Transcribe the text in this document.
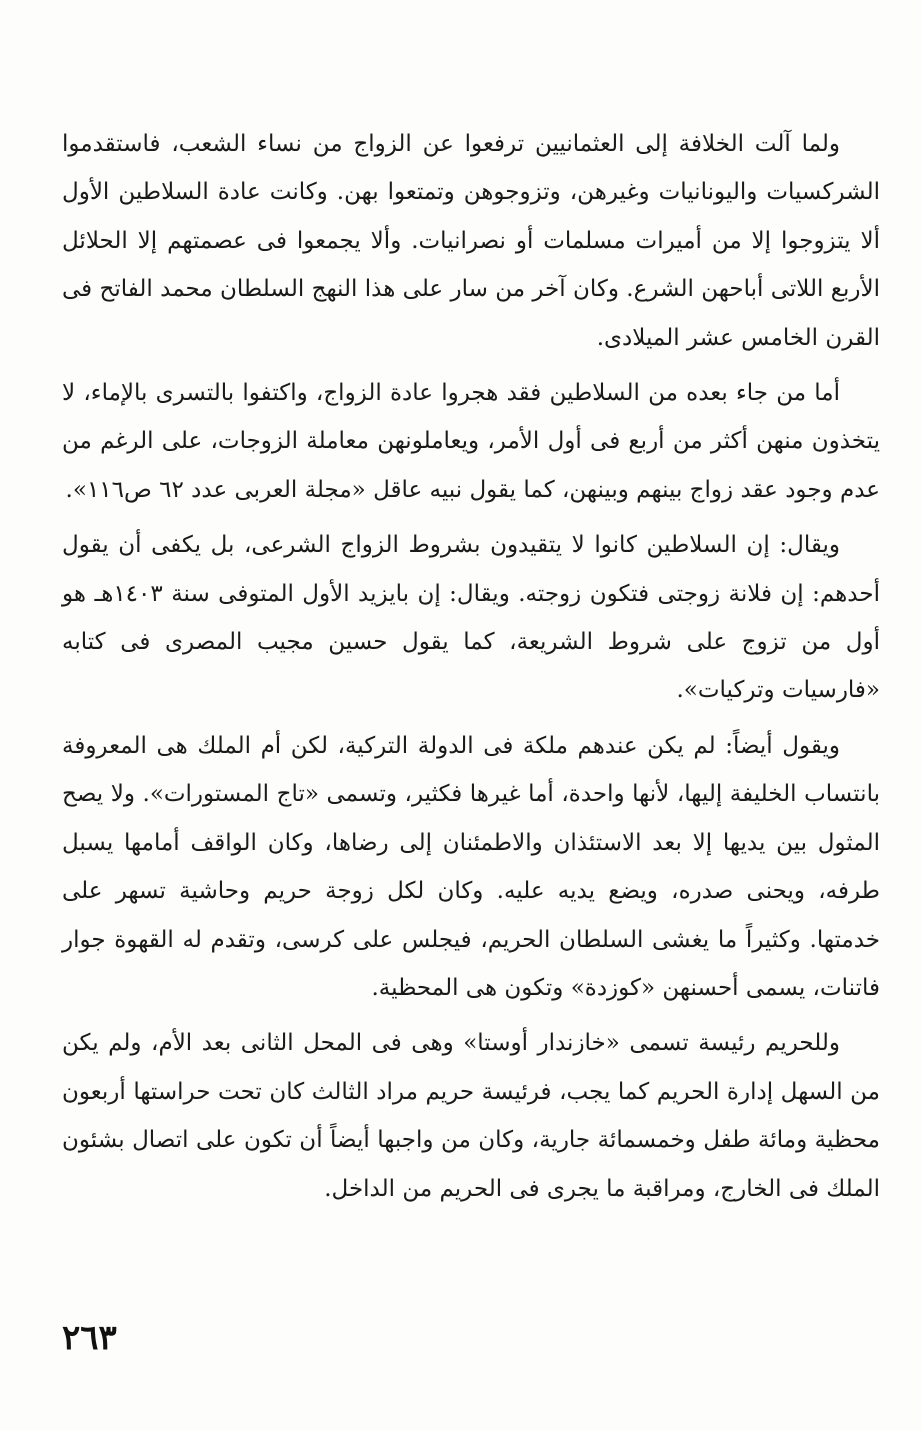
ولما آلت الخلافة إلى العثمانيين ترفعوا عن الزواج من نساء الشعب، فاستقدموا الشركسيات واليونانيات وغيرهن، وتزوجوهن وتمتعوا بهن. وكانت عادة السلاطين الأول ألا يتزوجوا إلا من أميرات مسلمات أو نصرانيات. وألا يجمعوا فى عصمتهم إلا الحلائل الأربع اللاتى أباحهن الشرع. وكان آخر من سار على هذا النهج السلطان محمد الفاتح فى القرن الخامس عشر الميلادى.

أما من جاء بعده من السلاطين فقد هجروا عادة الزواج، واكتفوا بالتسرى بالإماء، لا يتخذون منهن أكثر من أربع فى أول الأمر، ويعاملونهن معاملة الزوجات، على الرغم من عدم وجود عقد زواج بينهم وبينهن، كما يقول نبيه عاقل «مجلة العربى عدد ٦٢ ص١١٦».

ويقال: إن السلاطين كانوا لا يتقيدون بشروط الزواج الشرعى، بل يكفى أن يقول أحدهم: إن فلانة زوجتى فتكون زوجته. ويقال: إن بايزيد الأول المتوفى سنة ١٤٠٣هـ هو أول من تزوج على شروط الشريعة، كما يقول حسين مجيب المصرى فى كتابه «فارسيات وتركيات».

ويقول أيضاً: لم يكن عندهم ملكة فى الدولة التركية، لكن أم الملك هى المعروفة بانتساب الخليفة إليها، لأنها واحدة، أما غيرها فكثير، وتسمى «تاج المستورات». ولا يصح المثول بين يديها إلا بعد الاستئذان والاطمئنان إلى رضاها، وكان الواقف أمامها يسبل طرفه، ويحنى صدره، ويضع يديه عليه. وكان لكل زوجة حريم وحاشية تسهر على خدمتها. وكثيراً ما يغشى السلطان الحريم، فيجلس على كرسى، وتقدم له القهوة جوار فاتنات، يسمى أحسنهن «كوزدة» وتكون هى المحظية.

وللحريم رئيسة تسمى «خازندار أوستا» وهى فى المحل الثانى بعد الأم، ولم يكن من السهل إدارة الحريم كما يجب، فرئيسة حريم مراد الثالث كان تحت حراستها أربعون محظية ومائة طفل وخمسمائة جارية، وكان من واجبها أيضاً أن تكون على اتصال بشئون الملك فى الخارج، ومراقبة ما يجرى فى الحريم من الداخل.

٢٦٣
